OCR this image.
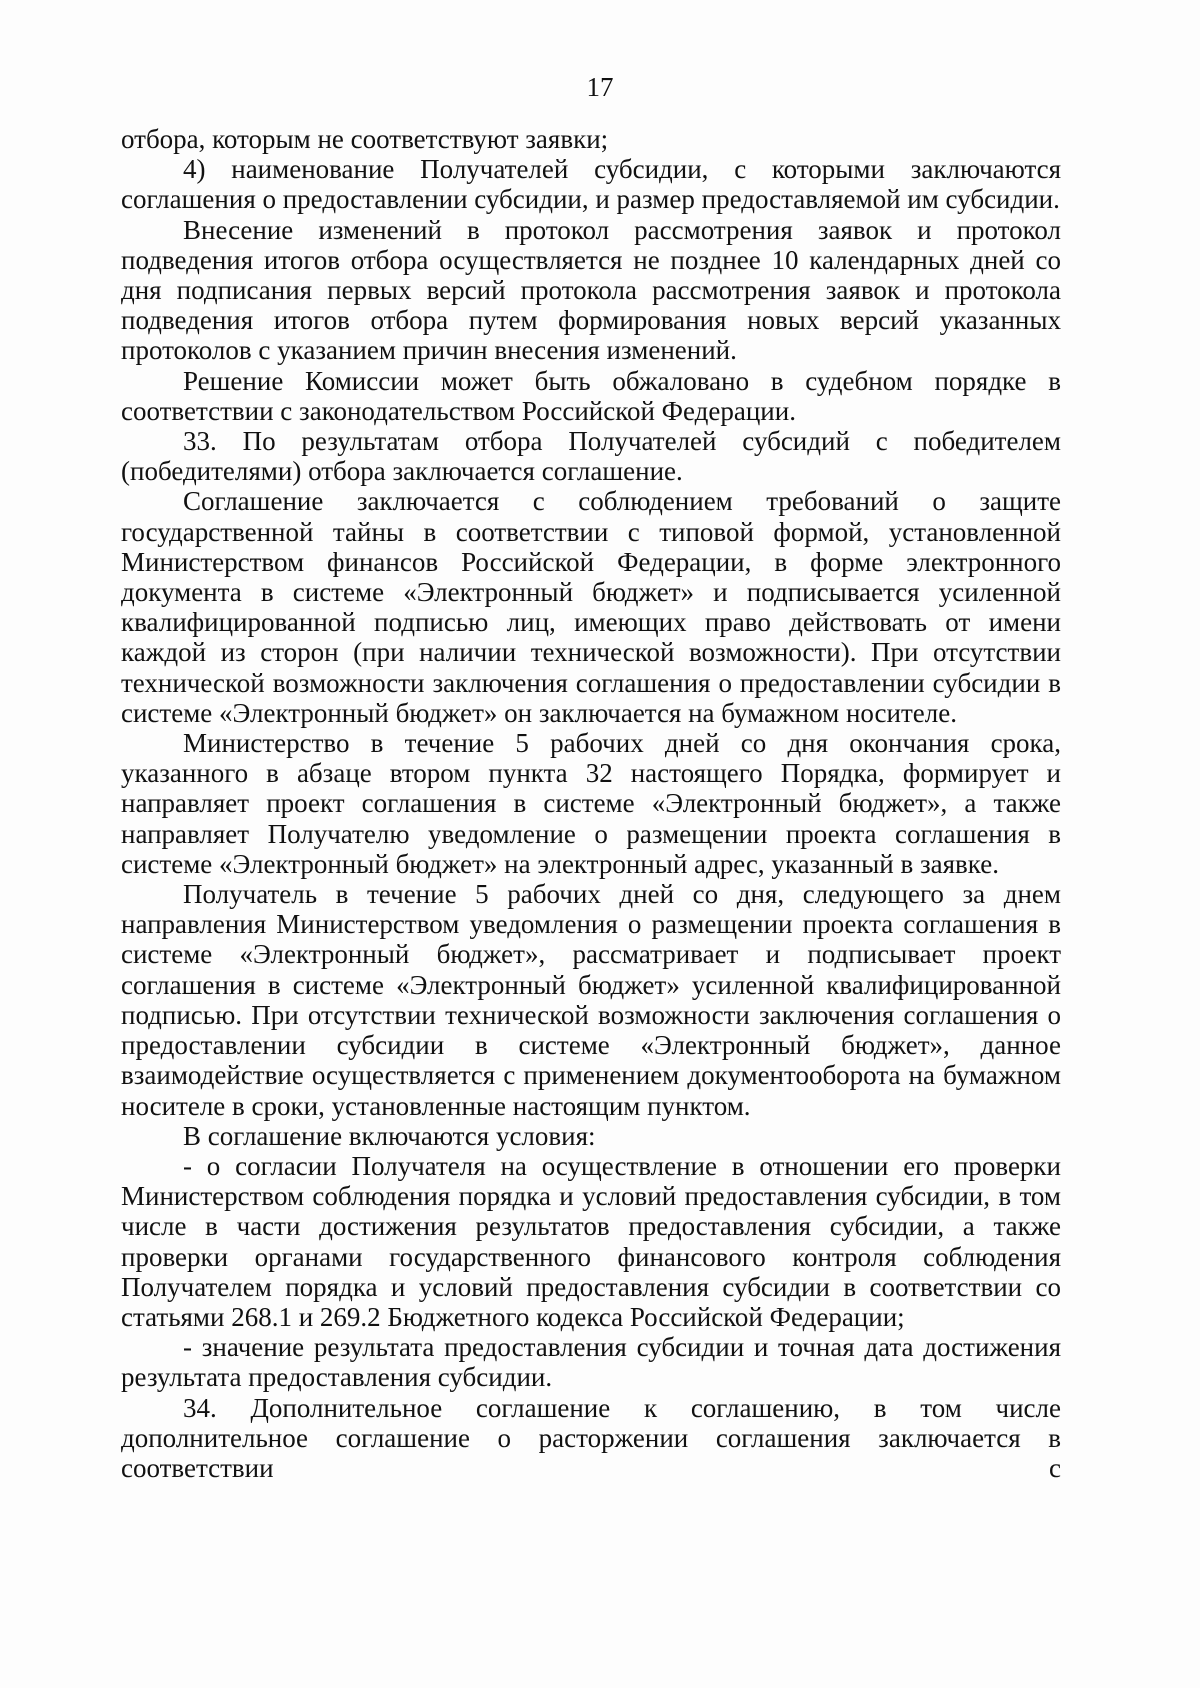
17

отбора, которым не соответствуют заявки;

4) наименование Получателей субсидии, с которыми заключаются соглашения о предоставлении субсидии, и размер предоставляемой им субсидии.

Внесение изменений в протокол рассмотрения заявок и протокол подведения итогов отбора осуществляется не позднее 10 календарных дней со дня подписания первых версий протокола рассмотрения заявок и протокола подведения итогов отбора путем формирования новых версий указанных протоколов с указанием причин внесения изменений.

Решение Комиссии может быть обжаловано в судебном порядке в соответствии с законодательством Российской Федерации.

33. По результатам отбора Получателей субсидий с победителем (победителями) отбора заключается соглашение.

Соглашение заключается с соблюдением требований о защите государственной тайны в соответствии с типовой формой, установленной Министерством финансов Российской Федерации, в форме электронного документа в системе «Электронный бюджет» и подписывается усиленной квалифицированной подписью лиц, имеющих право действовать от имени каждой из сторон (при наличии технической возможности). При отсутствии технической возможности заключения соглашения о предоставлении субсидии в системе «Электронный бюджет» он заключается на бумажном носителе.

Министерство в течение 5 рабочих дней со дня окончания срока, указанного в абзаце втором пункта 32 настоящего Порядка, формирует и направляет проект соглашения в системе «Электронный бюджет», а также направляет Получателю уведомление о размещении проекта соглашения в системе «Электронный бюджет» на электронный адрес, указанный в заявке.

Получатель в течение 5 рабочих дней со дня, следующего за днем направления Министерством уведомления о размещении проекта соглашения в системе «Электронный бюджет», рассматривает и подписывает проект соглашения в системе «Электронный бюджет» усиленной квалифицированной подписью. При отсутствии технической возможности заключения соглашения о предоставлении субсидии в системе «Электронный бюджет», данное взаимодействие осуществляется с применением документооборота на бумажном носителе в сроки, установленные настоящим пунктом.

В соглашение включаются условия:

- о согласии Получателя на осуществление в отношении его проверки Министерством соблюдения порядка и условий предоставления субсидии, в том числе в части достижения результатов предоставления субсидии, а также проверки органами государственного финансового контроля соблюдения Получателем порядка и условий предоставления субсидии в соответствии со статьями 268.1 и 269.2 Бюджетного кодекса Российской Федерации;

- значение результата предоставления субсидии и точная дата достижения результата предоставления субсидии.

34. Дополнительное соглашение к соглашению, в том числе дополнительное соглашение о расторжении соглашения заключается в соответствии с
